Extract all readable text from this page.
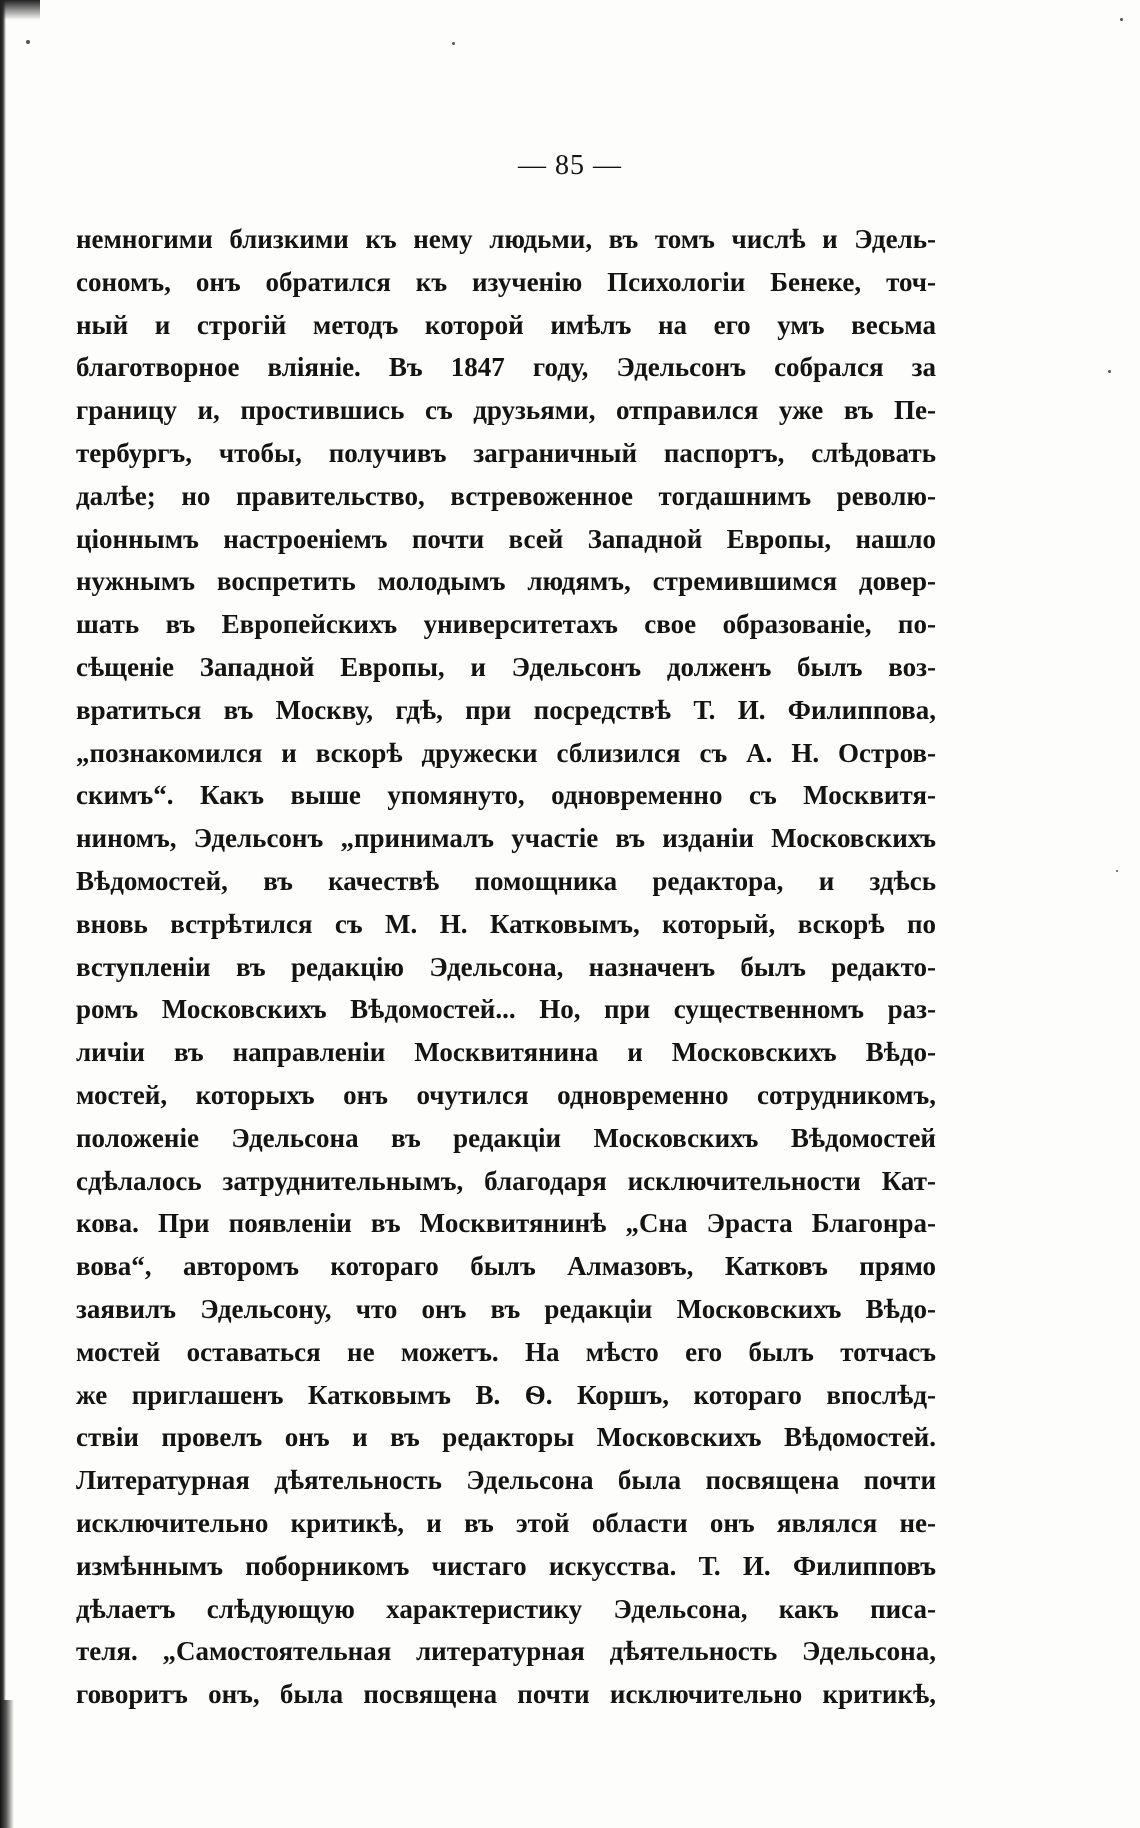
— 85 —
немногими близкими къ нему людьми, въ томъ числѣ и Эдель-
сономъ, онъ обратился къ изученію Психологіи Бенеке, точ-
ный и строгій методъ которой имѣлъ на его умъ весьма
благотворное вліяніе. Въ 1847 году, Эдельсонъ собрался за
границу и, простившись съ друзьями, отправился уже въ Пе-
тербургъ, чтобы, получивъ заграничный паспортъ, слѣдовать
далѣе; но правительство, встревоженное тогдашнимъ револю-
ціоннымъ настроеніемъ почти всей Западной Европы, нашло
нужнымъ воспретить молодымъ людямъ, стремившимся довер-
шать въ Европейскихъ университетахъ свое образованіе, по-
сѣщеніе Западной Европы, и Эдельсонъ долженъ былъ воз-
вратиться въ Москву, гдѣ, при посредствѣ Т. И. Филиппова,
„познакомился и вскорѣ дружески сблизился съ А. Н. Остров-
скимъ“. Какъ выше упомянуто, одновременно съ Москвитя-
ниномъ, Эдельсонъ „принималъ участіе въ изданіи Московскихъ
Вѣдомостей, въ качествѣ помощника редактора, и здѣсь
вновь встрѣтился съ М. Н. Катковымъ, который, вскорѣ по
вступленіи въ редакцію Эдельсона, назначенъ былъ редакто-
ромъ Московскихъ Вѣдомостей... Но, при существенномъ раз-
личіи въ направленіи Москвитянина и Московскихъ Вѣдо-
мостей, которыхъ онъ очутился одновременно сотрудникомъ,
положеніе Эдельсона въ редакціи Московскихъ Вѣдомостей
сдѣлалось затруднительнымъ, благодаря исключительности Кат-
кова. При появленіи въ Москвитянинѣ „Сна Эраста Благонра-
вова“, авторомъ котораго былъ Алмазовъ, Катковъ прямо
заявилъ Эдельсону, что онъ въ редакціи Московскихъ Вѣдо-
мостей оставаться не можетъ. На мѣсто его былъ тотчасъ
же приглашенъ Катковымъ В. Ѳ. Коршъ, котораго впослѣд-
ствіи провелъ онъ и въ редакторы Московскихъ Вѣдомостей.
Литературная дѣятельность Эдельсона была посвящена почти
исключительно критикѣ, и въ этой области онъ являлся не-
измѣннымъ поборникомъ чистаго искусства. Т. И. Филипповъ
дѣлаетъ слѣдующую характеристику Эдельсона, какъ писа-
теля. „Самостоятельная литературная дѣятельность Эдельсона,
говоритъ онъ, была посвящена почти исключительно критикѣ,
